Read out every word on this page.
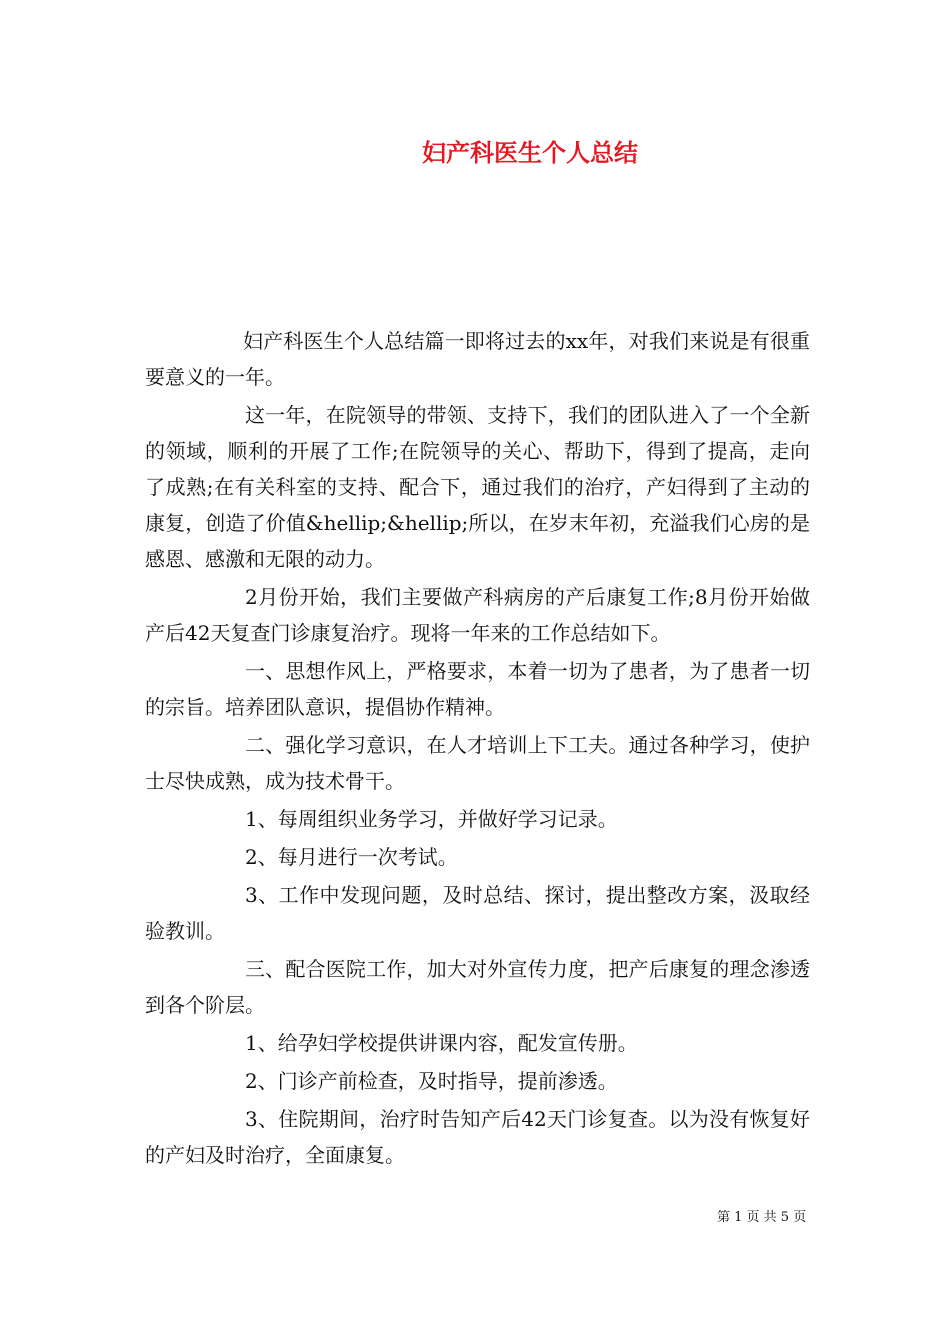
妇产科医生个人总结

妇产科医生个人总结篇一即将过去的xx年，对我们来说是有很重要意义的一年。

这一年，在院领导的带领、支持下，我们的团队进入了一个全新的领域，顺利的开展了工作;在院领导的关心、帮助下，得到了提高，走向了成熟;在有关科室的支持、配合下，通过我们的治疗，产妇得到了主动的康复，创造了价值&hellip;&hellip;所以，在岁末年初，充溢我们心房的是感恩、感激和无限的动力。

2月份开始，我们主要做产科病房的产后康复工作;8月份开始做产后42天复查门诊康复治疗。现将一年来的工作总结如下。

一、思想作风上，严格要求，本着一切为了患者，为了患者一切的宗旨。培养团队意识，提倡协作精神。

二、强化学习意识，在人才培训上下工夫。通过各种学习，使护士尽快成熟，成为技术骨干。

1、每周组织业务学习，并做好学习记录。

2、每月进行一次考试。

3、工作中发现问题，及时总结、探讨，提出整改方案，汲取经验教训。

三、配合医院工作，加大对外宣传力度，把产后康复的理念渗透到各个阶层。

1、给孕妇学校提供讲课内容，配发宣传册。

2、门诊产前检查，及时指导，提前渗透。

3、住院期间，治疗时告知产后42天门诊复查。以为没有恢复好的产妇及时治疗，全面康复。

第 1 页 共 5 页
